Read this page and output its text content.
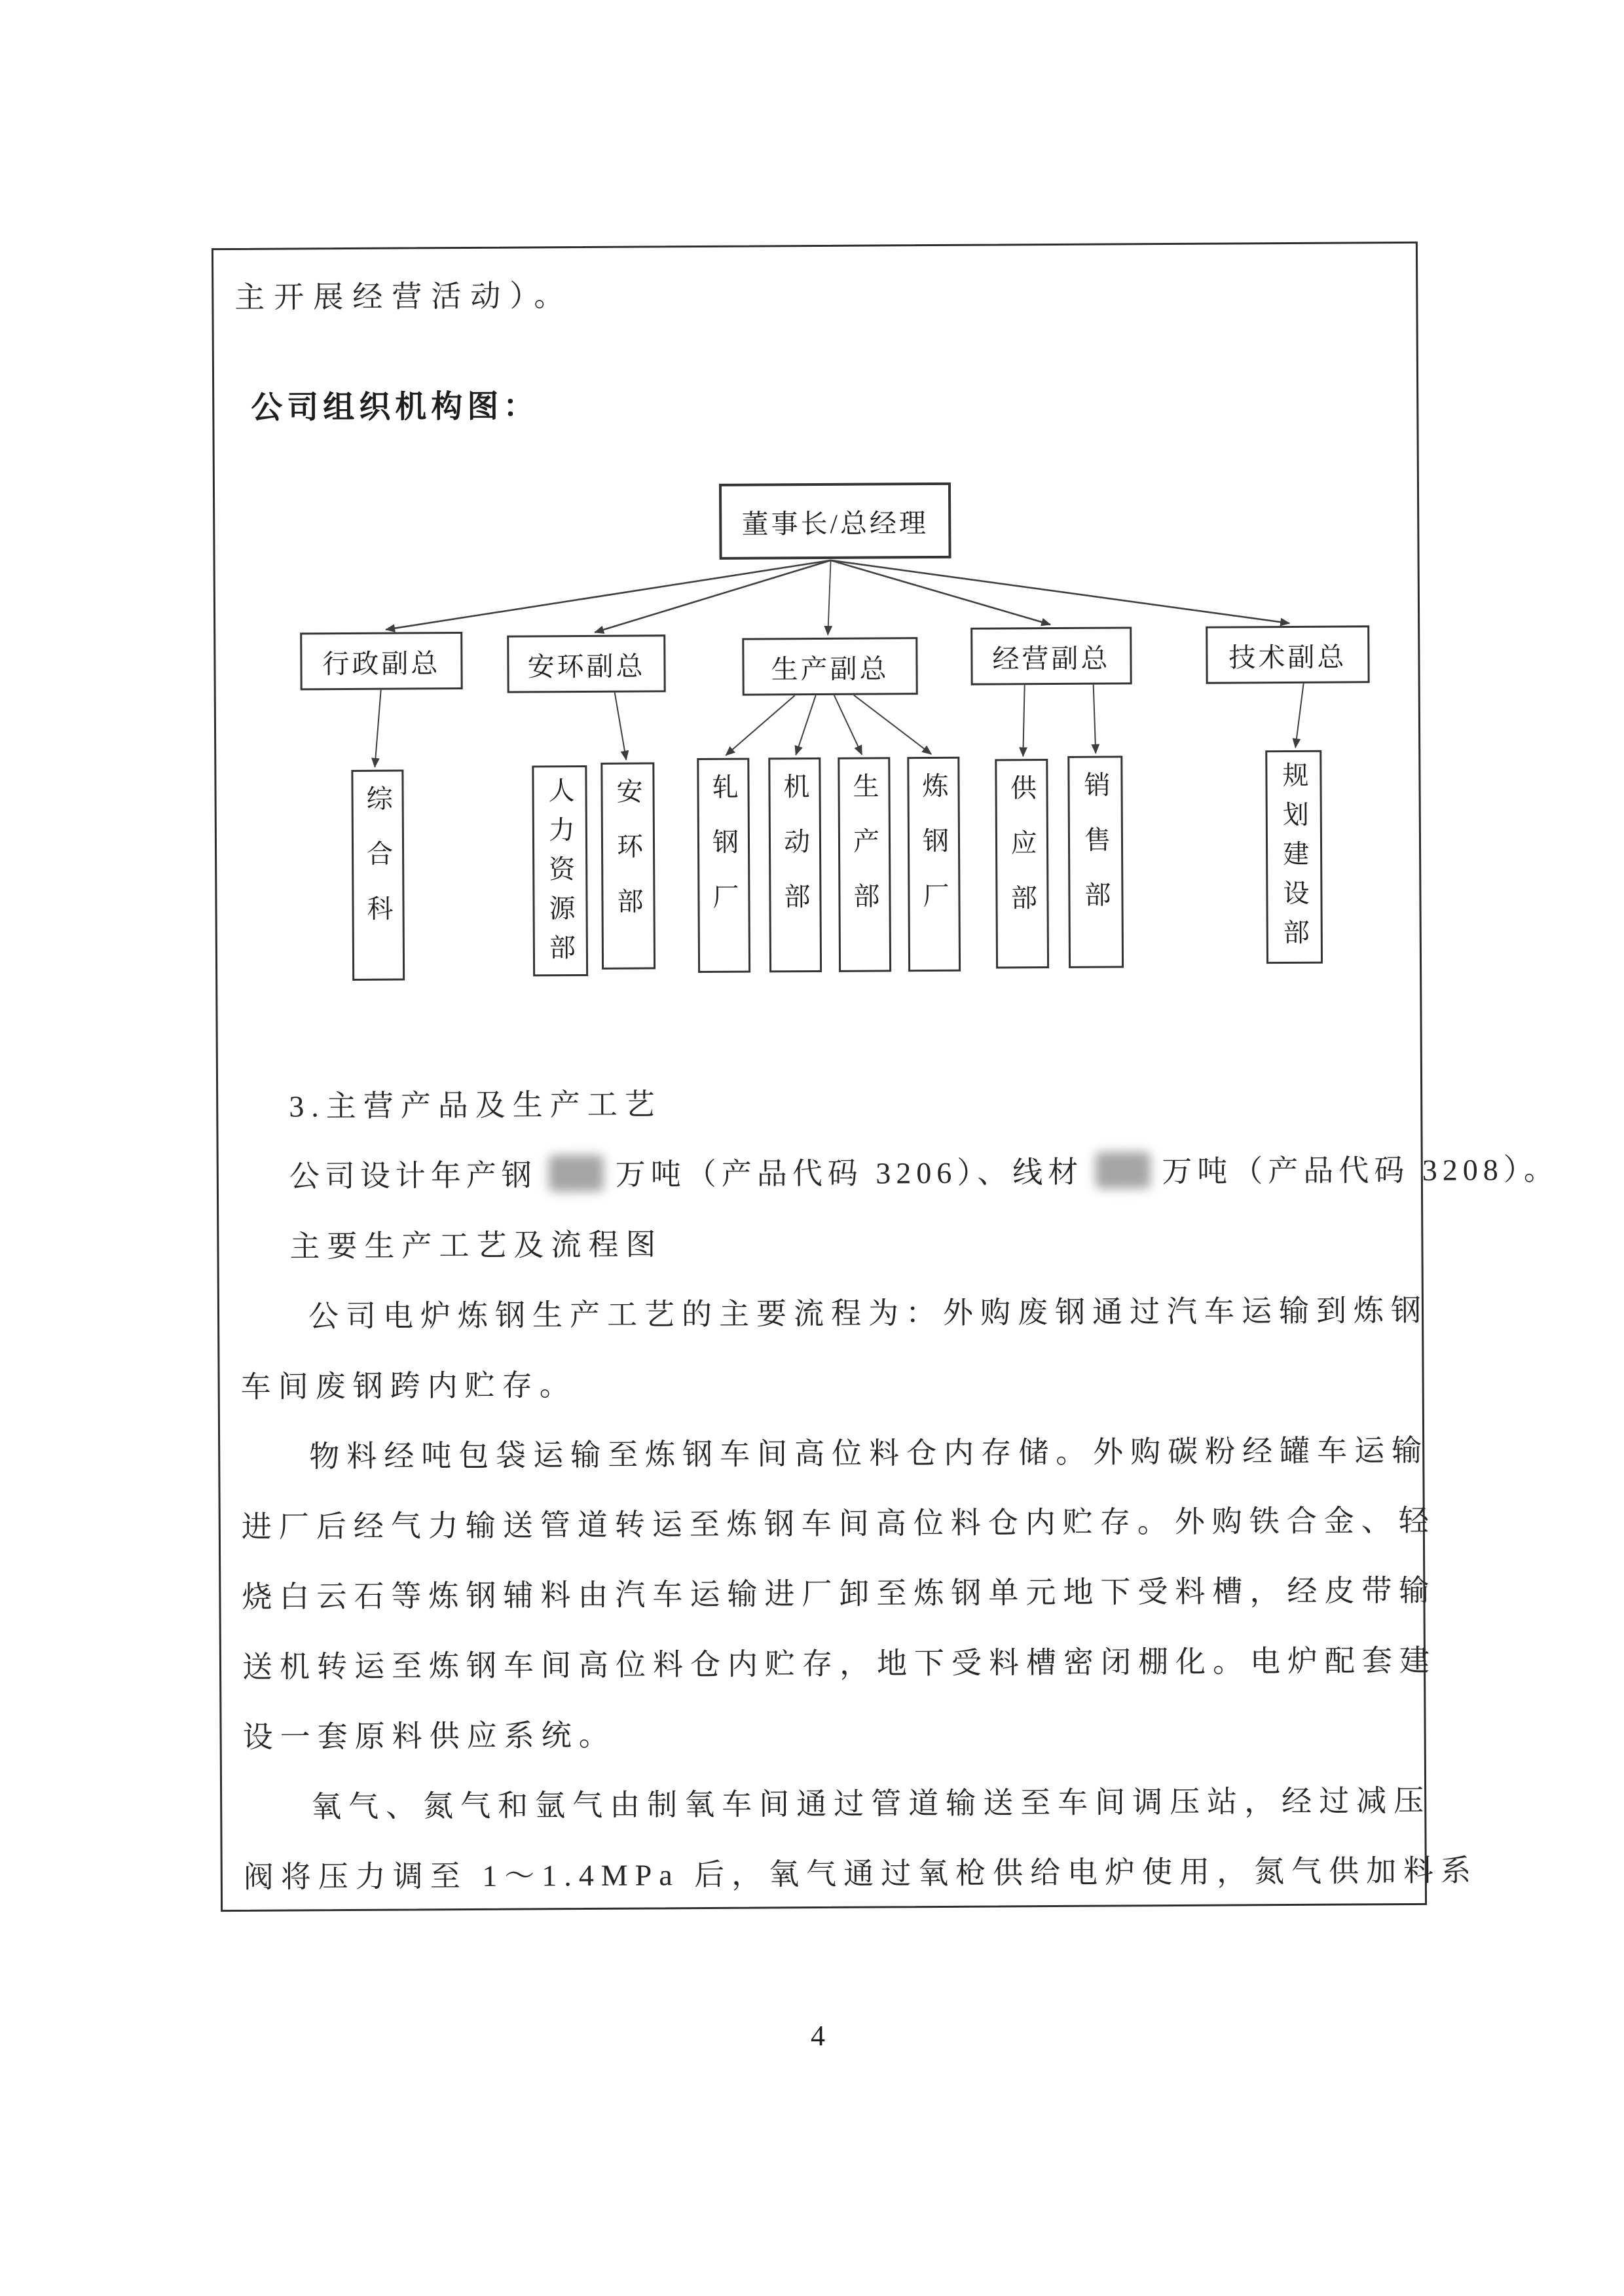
主开展经营活动）。
公司组织机构图：
董事长/总经理
行政副总	安环副总	生产副总	经营副总	技术副总
综合科	人力资源部 安环部 轧钢厂 机动部 生产部 炼钢厂 供应部 销售部	规划建设部
3.主营产品及生产工艺
公司设计年产钢	万吨（产品代码 3206）、线材	万吨（产品代码 3208）。
主要生产工艺及流程图
公司电炉炼钢生产工艺的主要流程为：外购废钢通过汽车运输到炼钢
车间废钢跨内贮存。
物料经吨包袋运输至炼钢车间高位料仓内存储。外购碳粉经罐车运输
进厂后经气力输送管道转运至炼钢车间高位料仓内贮存。外购铁合金、轻
烧白云石等炼钢辅料由汽车运输进厂卸至炼钢单元地下受料槽，经皮带输
送机转运至炼钢车间高位料仓内贮存，地下受料槽密闭棚化。电炉配套建
设一套原料供应系统。
氧气、氮气和氩气由制氧车间通过管道输送至车间调压站，经过减压
阀将压力调至 1～1.4MPa 后，氧气通过氧枪供给电炉使用，氮气供加料系
4
